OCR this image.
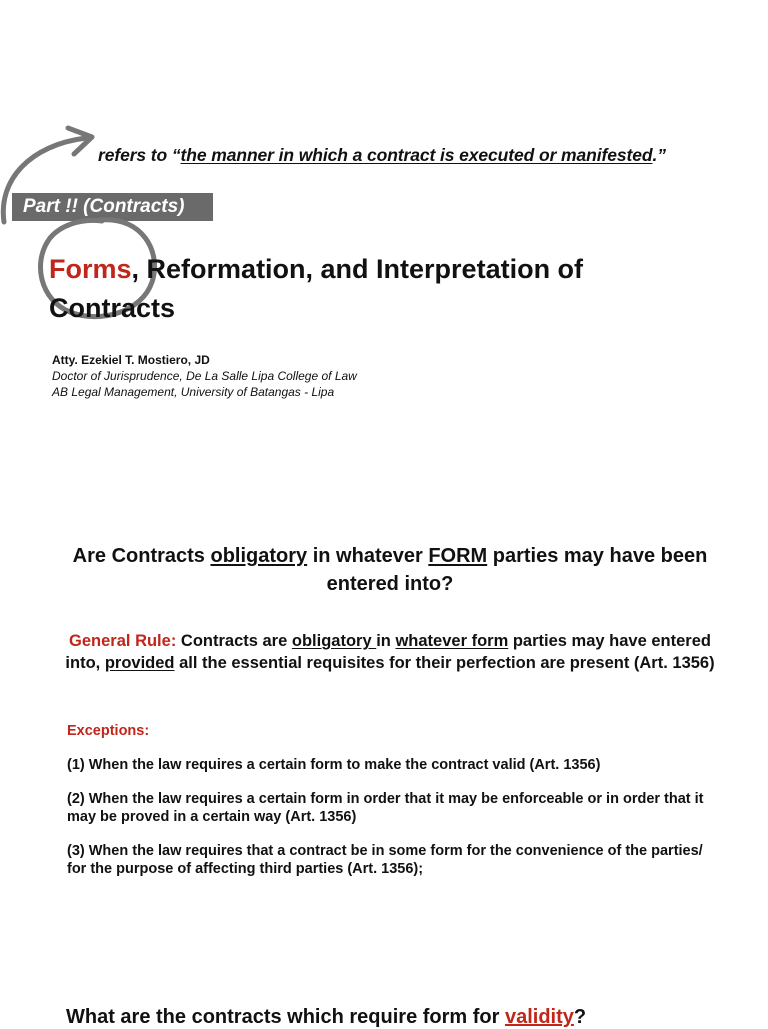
refers to “the manner in which a contract is executed or manifested.”

Part !! (Contracts)
Forms, Reformation, and Interpretation of Contracts
Atty. Ezekiel T. Mostiero, JD
Doctor of Jurisprudence, De La Salle Lipa College of Law
AB Legal Management, University of Batangas - Lipa
Are Contracts obligatory in whatever FORM parties may have been entered into?

General Rule: Contracts are obligatory in whatever form parties may have entered into, provided all the essential requisites for their perfection are present (Art. 1356)

Exceptions:
(1) When the law requires a certain form to make the contract valid (Art. 1356)
(2) When the law requires a certain form in order that it may be enforceable or in order that it may be proved in a certain way (Art. 1356)
(3) When the law requires that a contract be in some form for the convenience of the parties/ for the purpose of affecting third parties (Art. 1356);
What are the contracts which require form for validity?
